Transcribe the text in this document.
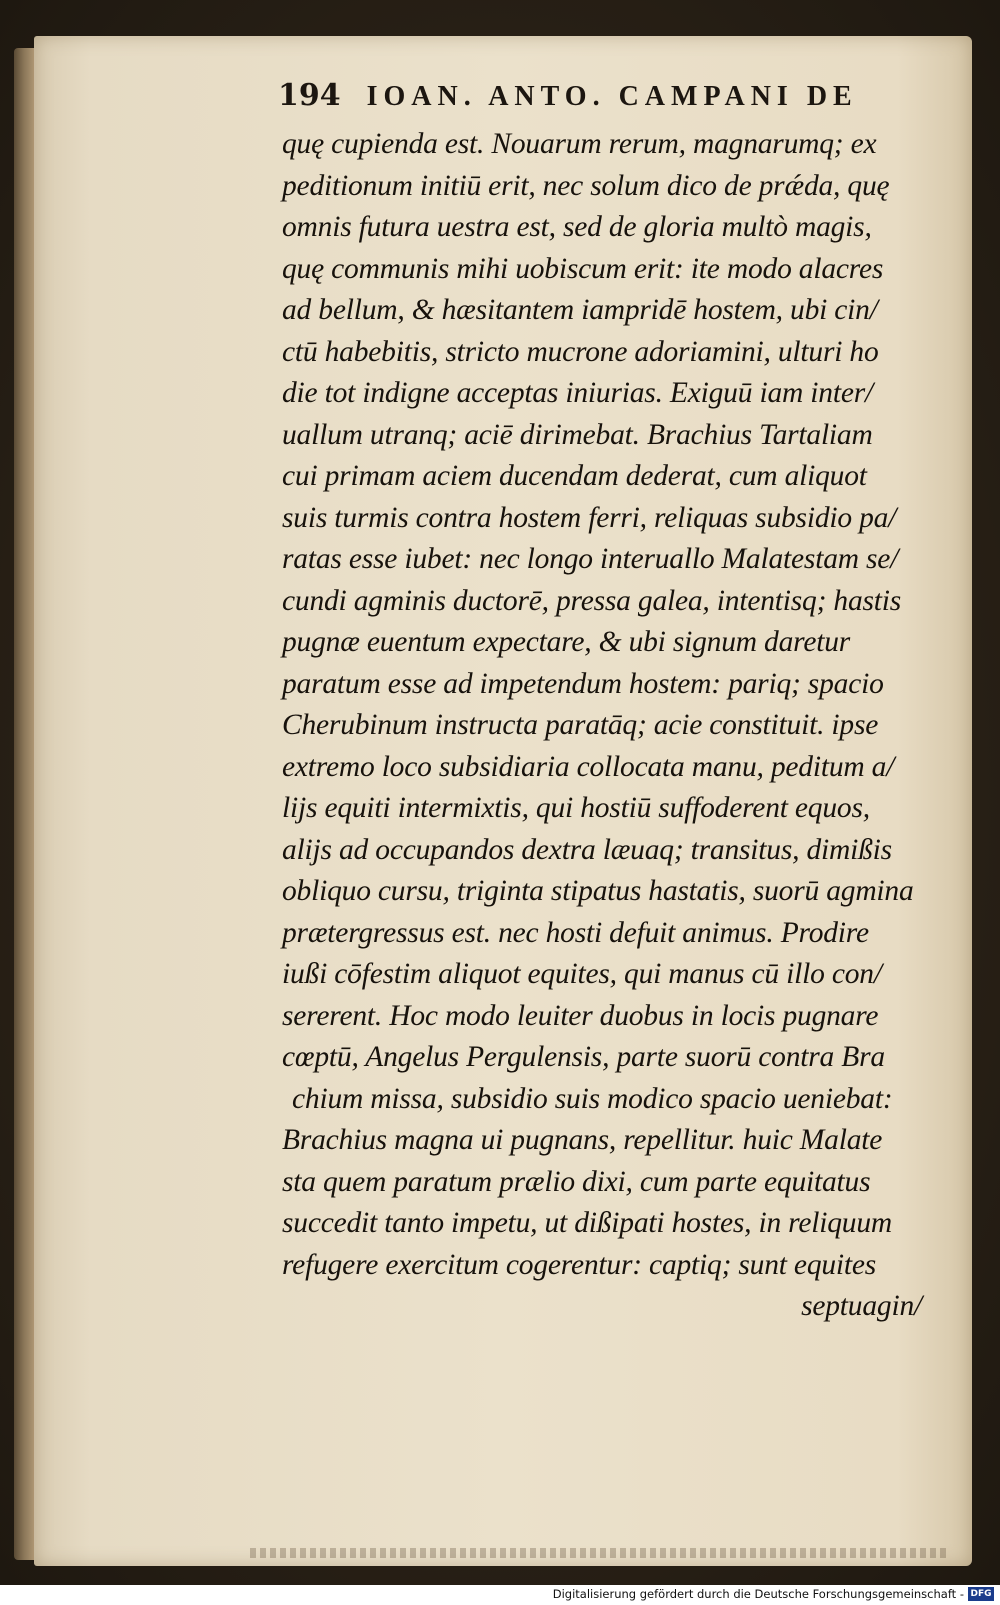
194 IOAN. ANTO. CAMPANI DE
quę cupienda est. Nouarum rerum, magnarumq; ex
peditionum initiū erit, nec solum dico de prǽda, quę
omnis futura uestra est, sed de gloria multò magis,
quę communis mihi uobiscum erit: ite modo alacres
ad bellum, & hæsitantem iampridē hostem, ubi cin/
ctū habebitis, stricto mucrone adoriamini, ulturi ho
die tot indigne acceptas iniurias. Exiguū iam inter/
uallum utranq; aciē dirimebat. Brachius Tartaliam
cui primam aciem ducendam dederat, cum aliquot
suis turmis contra hostem ferri, reliquas subsidio pa/
ratas esse iubet: nec longo interuallo Malatestam se/
cundi agminis ductorē, pressa galea, intentisq; hastis
pugnæ euentum expectare, & ubi signum daretur
paratum esse ad impetendum hostem: pariq; spacio
Cherubinum instructa paratāq; acie constituit. ipse
extremo loco subsidiaria collocata manu, peditum a/
lijs equiti intermixtis, qui hostiū suffoderent equos,
alijs ad occupandos dextra læuaq; transitus, dimißis
obliquo cursu, triginta stipatus hastatis, suorū agmina
prætergressus est. nec hosti defuit animus. Prodire
iußi cōfestim aliquot equites, qui manus cū illo con/
sererent. Hoc modo leuiter duobus in locis pugnare
cœptū, Angelus Pergulensis, parte suorū contra Bra
chium missa, subsidio suis modico spacio ueniebat:
Brachius magna ui pugnans, repellitur. huic Malate
sta quem paratum prælio dixi, cum parte equitatus
succedit tanto impetu, ut dißipati hostes, in reliquum
refugere exercitum cogerentur: captiq; sunt equites
septuagin/
Digitalisierung gefördert durch die Deutsche Forschungsgemeinschaft - DFG
